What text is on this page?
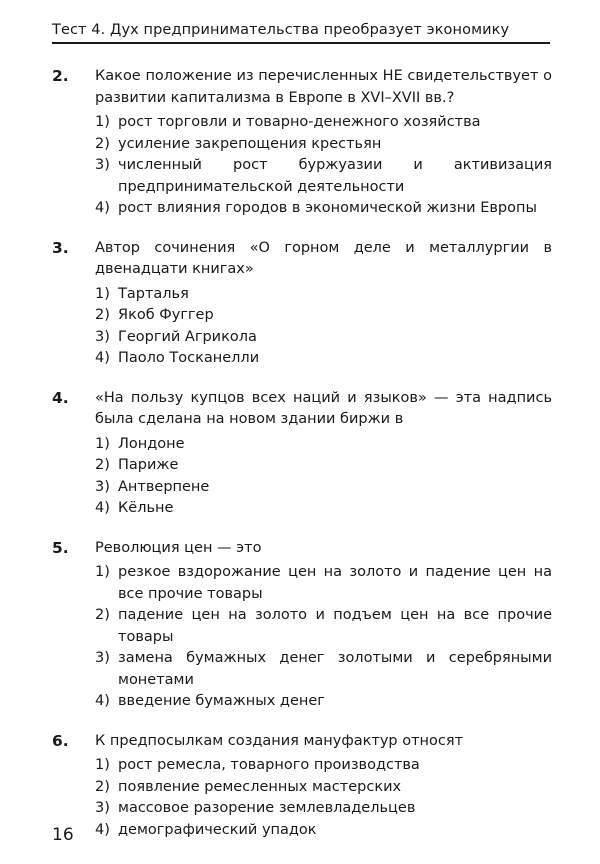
Тест 4. Дух предпринимательства преобразует экономику
2.	Какое положение из перечисленных НЕ свидетельствует о развитии капитализма в Европе в XVI–XVII вв.?
1) рост торговли и товарно-денежного хозяйства
2) усиление закрепощения крестьян
3) численный рост буржуазии и активизация предпринимательской деятельности
4) рост влияния городов в экономической жизни Европы
3.	Автор сочинения «О горном деле и металлургии в двенадцати книгах»
1) Тарталья
2) Якоб Фуггер
3) Георгий Агрикола
4) Паоло Тосканелли
4.	«На пользу купцов всех наций и языков» — эта надпись была сделана на новом здании биржи в
1) Лондоне
2) Париже
3) Антверпене
4) Кёльне
5.	Революция цен — это
1) резкое вздорожание цен на золото и падение цен на все прочие товары
2) падение цен на золото и подъем цен на все прочие товары
3) замена бумажных денег золотыми и серебряными монетами
4) введение бумажных денег
6.	К предпосылкам создания мануфактур относят
1) рост ремесла, товарного производства
2) появление ремесленных мастерских
3) массовое разорение землевладельцев
4) демографический упадок
16
